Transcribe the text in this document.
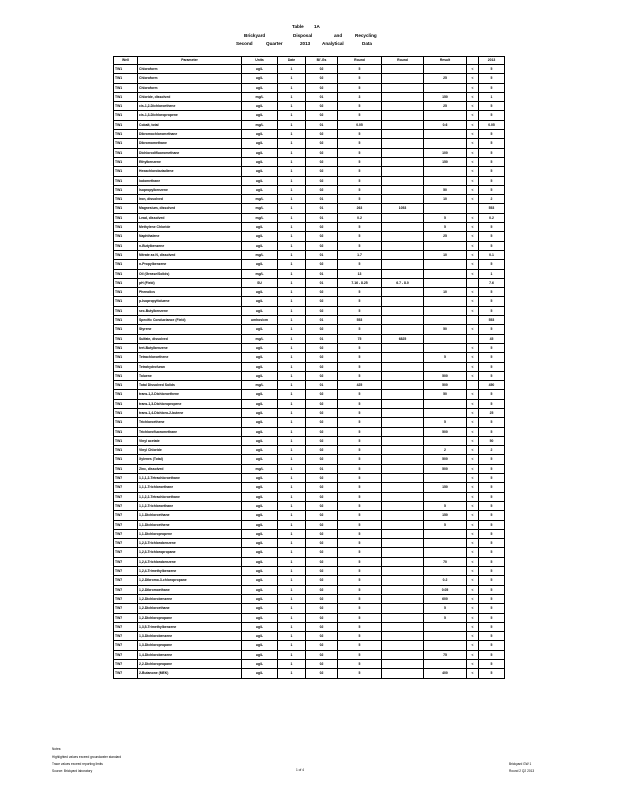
Table 1A
Brickyard	Disposal	and	Recycling
Second	Quarter	2013	Analytical	Data
Well	Parameter	Units	Date	Bl'-Gs	Round	Round	Result		2013
TW1	Chloroform	ug/L	1	02	5			<	5
TW1	Chloroform	ug/L	1	02	5		25	<	5
TW1	Chloroform	ug/L	1	02	5			<	5
TW1	Chloride, dissolved	mg/L	1	01	3		150	<	1
TW1	cis-1,2-Dichloroethene	ug/L	1	02	5		25	<	5
TW1	cis-1,3-Dichloropropene	ug/L	1	02	5			<	5
TW1	Cobalt, total	mg/L	1	01	0.05		0.6	<	0.05
TW1	Dibromochloromethane	ug/L	1	02	5			<	5
TW1	Dibromomethane	ug/L	1	02	5			<	5
TW1	Dichlorodifluoromethane	ug/L	1	02	5		100	<	5
TW1	Ethylbenzene	ug/L	1	02	5		150	<	5
TW1	Hexachlorobutadiene	ug/L	1	02	5			<	5
TW1	Iodomethane	ug/L	1	02	5			<	5
TW1	Isopropylbenzene	ug/L	1	02	5		50	<	5
TW1	Iron, dissolved	mg/L	1	01	5		10	<	2
TW1	Magnesium, dissolved	mg/L	1	01	263	1053			553
TW1	Lead, dissolved	mg/L	1	01	0.2		5	<	0.2
TW1	Methylene Chloride	ug/L	1	02	5		5	<	5
TW1	Naphthalene	ug/L	1	02	5		25	<	5
TW1	n-Butylbenzene	ug/L	1	02	5			<	5
TW1	Nitrate as N, dissolved	mg/L	1	01	1.7		10	<	0.1
TW1	n-Propylbenzene	ug/L	1	02	5			<	5
TW1	Oil (Grease/Solids)	mg/L	1	01	13			<	1
TW1	pH (Field)	SU	1	01	7.16 - 8.25	6.7 - 8.0			7.6
TW1	Phenolics	ug/L	1	02	5		10	<	5
TW1	p-Isopropyltoluene	ug/L	1	02	5			<	5
TW1	sec-Butylbenzene	ug/L	1	02	5			<	5
TW1	Specific Conductance (Field)	umhos/cm	1	01	553				553
TW1	Styrene	ug/L	1	02	5		50	<	5
TW1	Sulfate, dissolved	mg/L	1	01	75	6825			45
TW1	tert-Butylbenzene	ug/L	1	02	5			<	5
TW1	Tetrachloroethene	ug/L	1	02	5		5	<	5
TW1	Tetrahydrofuran	ug/L	1	02	5			<	5
TW1	Toluene	ug/L	1	02	5		500	<	5
TW1	Total Dissolved Solids	mg/L	1	01	425		500		450
TW1	trans-1,2-Dichloroethene	ug/L	1	02	5		50	<	5
TW1	trans-1,3-Dichloropropene	ug/L	1	02	5			<	5
TW1	trans-1,4-Dichloro-2-butene	ug/L	1	02	5			<	25
TW1	Trichloroethene	ug/L	1	02	5		5	<	5
TW1	Trichlorofluoromethane	ug/L	1	02	5		500	<	5
TW1	Vinyl acetate	ug/L	1	02	5			<	50
TW1	Vinyl Chloride	ug/L	1	02	5		2	<	2
TW1	Xylenes (Total)	ug/L	1	02	5		500	<	5
TW1	Zinc, dissolved	mg/L	1	01	5		500	<	5
TW7	1,1,1,2-Tetrachloroethane	ug/L	1	02	5			<	5
TW7	1,1,1-Trichloroethane	ug/L	1	02	5		150	<	5
TW7	1,1,2,2-Tetrachloroethane	ug/L	1	02	5			<	5
TW7	1,1,2-Trichloroethane	ug/L	1	02	5		5	<	5
TW7	1,1-Dichloroethane	ug/L	1	02	5		150	<	5
TW7	1,1-Dichloroethene	ug/L	1	02	5		5	<	5
TW7	1,1-Dichloropropene	ug/L	1	02	5			<	5
TW7	1,2,3-Trichlorobenzene	ug/L	1	02	5			<	5
TW7	1,2,3-Trichloropropane	ug/L	1	02	5			<	5
TW7	1,2,4-Trichlorobenzene	ug/L	1	02	5		70	<	5
TW7	1,2,4-Trimethylbenzene	ug/L	1	02	5			<	5
TW7	1,2-Dibromo-3-chloropropane	ug/L	1	02	5		0.2	<	5
TW7	1,2-Dibromoethane	ug/L	1	02	5		0.05	<	5
TW7	1,2-Dichlorobenzene	ug/L	1	02	5		600	<	5
TW7	1,2-Dichloroethane	ug/L	1	02	5		5	<	5
TW7	1,2-Dichloropropane	ug/L	1	02	5		5	<	5
TW7	1,3,5-Trimethylbenzene	ug/L	1	02	5			<	5
TW7	1,3-Dichlorobenzene	ug/L	1	02	5			<	5
TW7	1,3-Dichloropropane	ug/L	1	02	5			<	5
TW7	1,4-Dichlorobenzene	ug/L	1	02	5		75	<	5
TW7	2,2-Dichloropropane	ug/L	1	02	5			<	5
TW7	2-Butanone (MEK)	ug/L	1	02	5		400	<	5
Notes:
Highlighted values exceed groundwater standard
Trace values exceed reporting limits
Source: Brickyard laboratory	1 of 4
Brickyard GW 1
Round 2 Q2 2013
